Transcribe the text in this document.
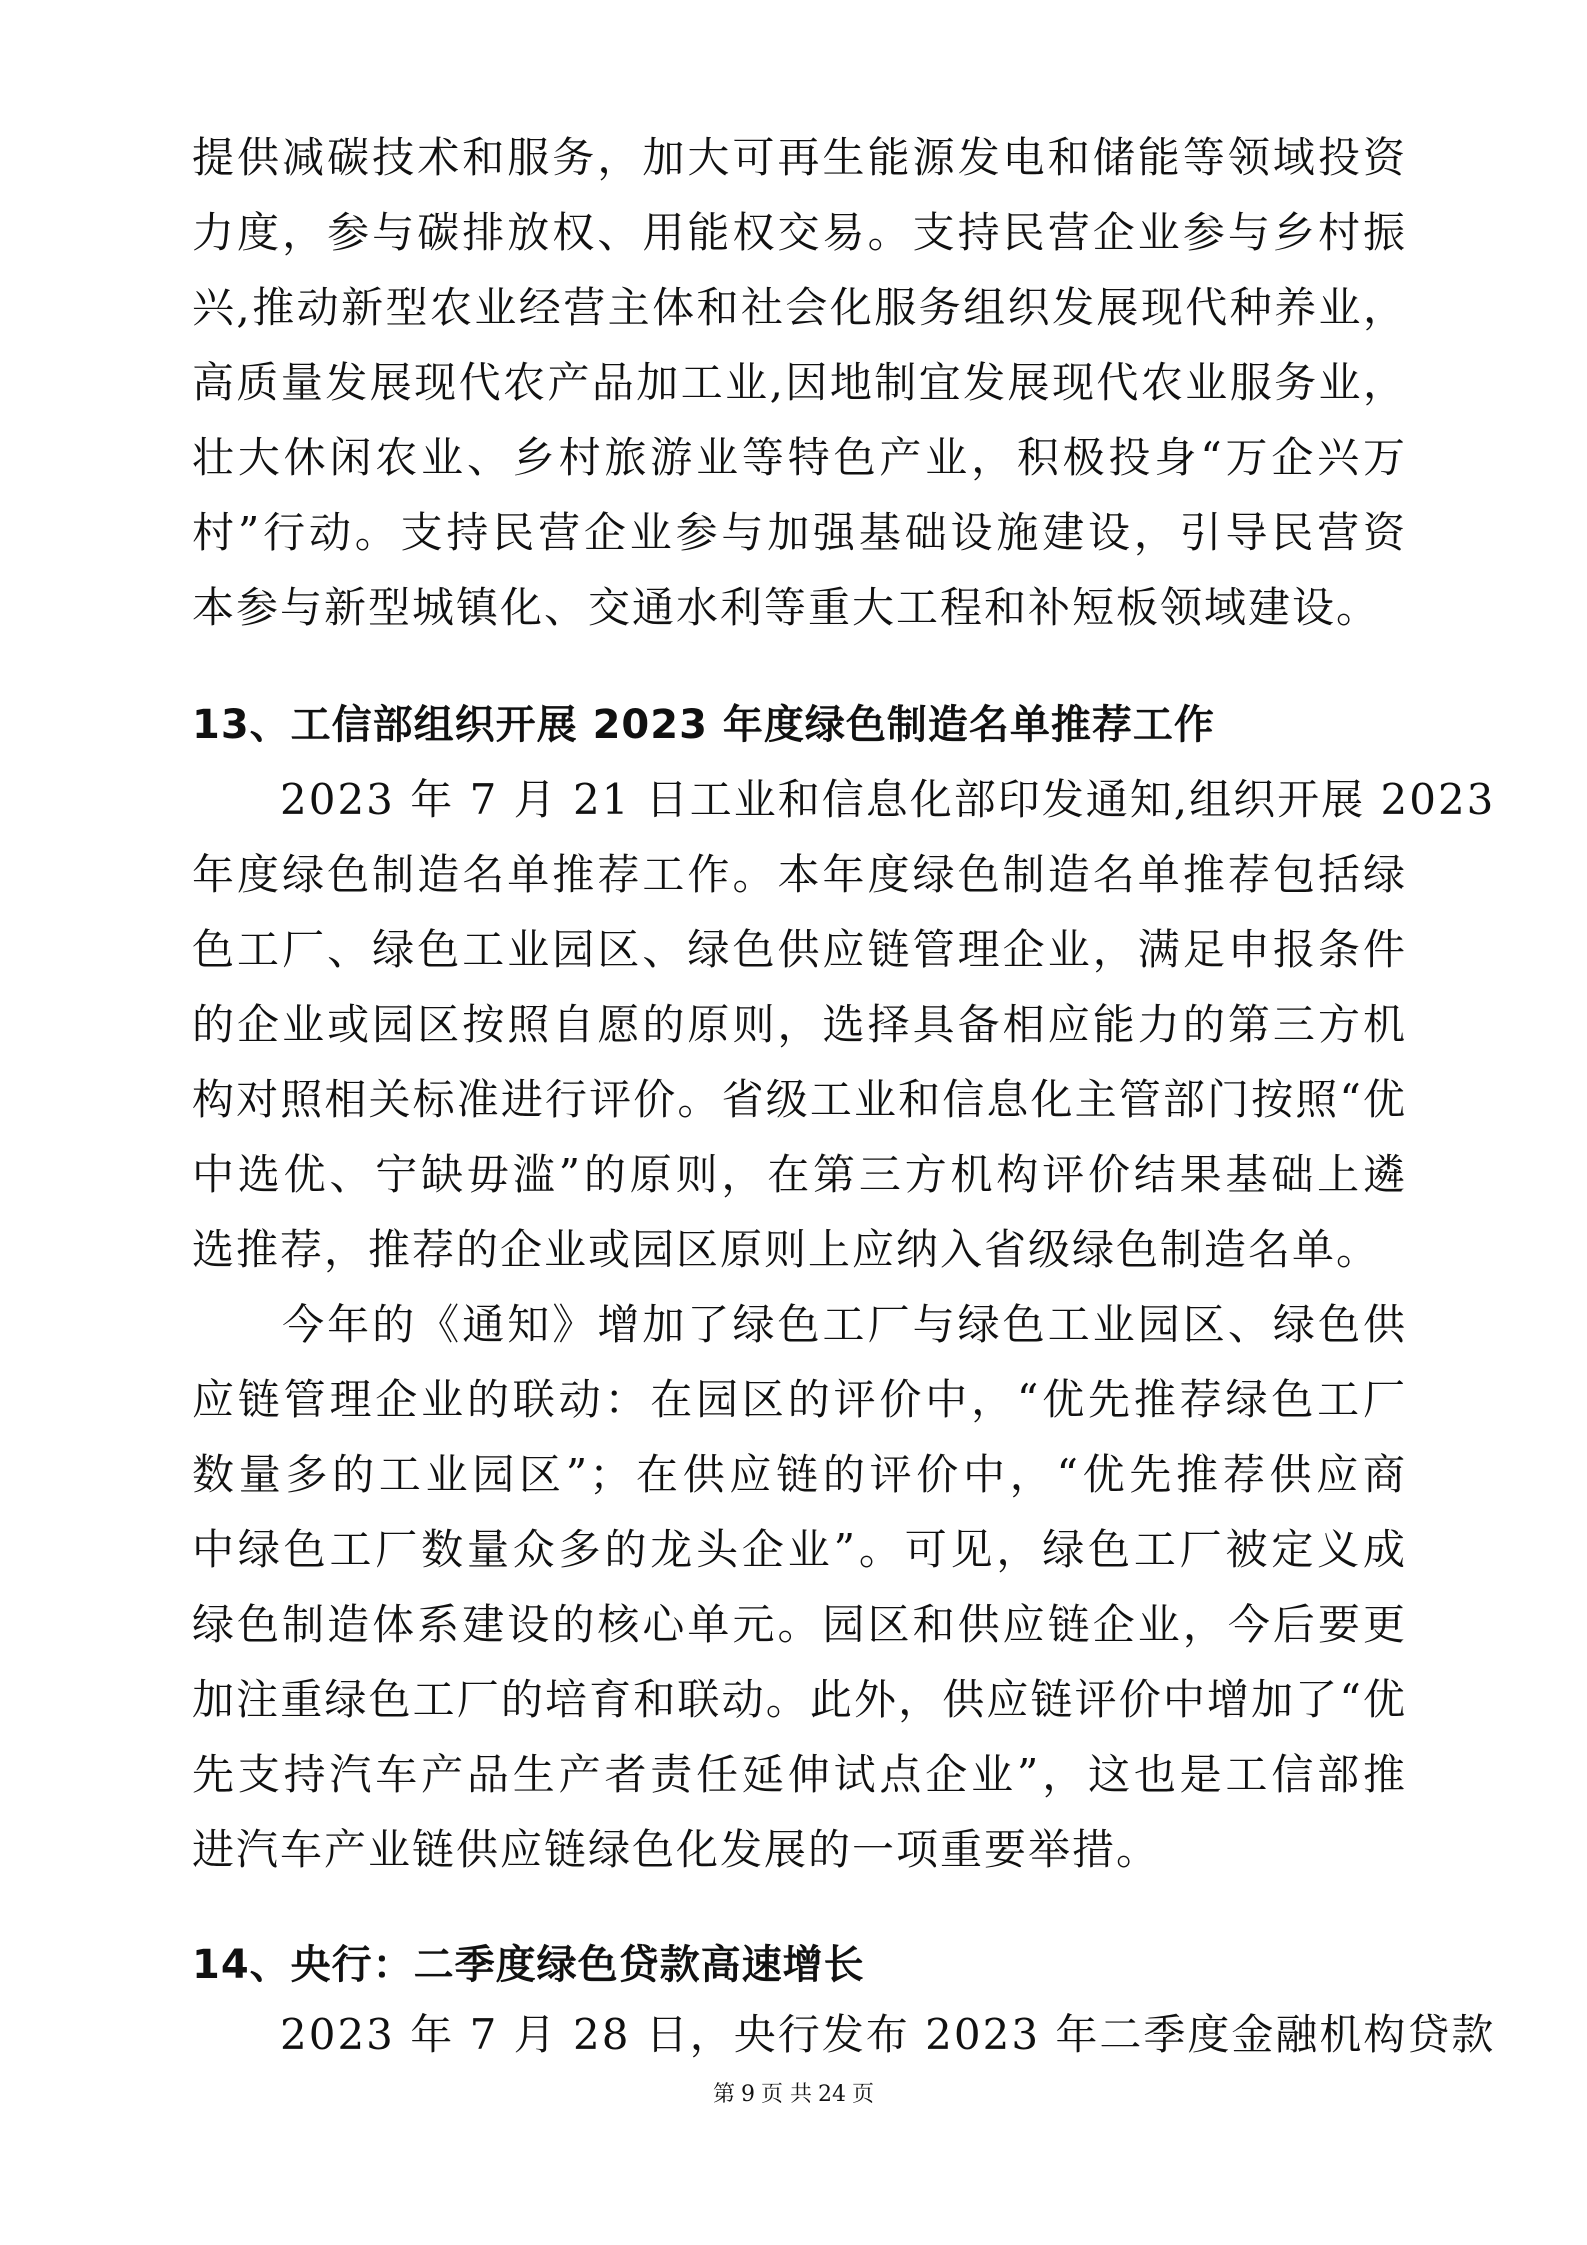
提供减碳技术和服务，加大可再生能源发电和储能等领域投资
力度，参与碳排放权、用能权交易。支持民营企业参与乡村振
兴,推动新型农业经营主体和社会化服务组织发展现代种养业，
高质量发展现代农产品加工业,因地制宜发展现代农业服务业，
壮大休闲农业、乡村旅游业等特色产业，积极投身“万企兴万
村”行动。支持民营企业参与加强基础设施建设，引导民营资
本参与新型城镇化、交通水利等重大工程和补短板领域建设。
13、工信部组织开展 2023 年度绿色制造名单推荐工作
　　2023 年 7 月 21 日工业和信息化部印发通知,组织开展 2023
年度绿色制造名单推荐工作。本年度绿色制造名单推荐包括绿
色工厂、绿色工业园区、绿色供应链管理企业，满足申报条件
的企业或园区按照自愿的原则，选择具备相应能力的第三方机
构对照相关标准进行评价。省级工业和信息化主管部门按照“优
中选优、宁缺毋滥”的原则，在第三方机构评价结果基础上遴
选推荐，推荐的企业或园区原则上应纳入省级绿色制造名单。
　　今年的《通知》增加了绿色工厂与绿色工业园区、绿色供
应链管理企业的联动：在园区的评价中，“优先推荐绿色工厂
数量多的工业园区”；在供应链的评价中，“优先推荐供应商
中绿色工厂数量众多的龙头企业”。可见，绿色工厂被定义成
绿色制造体系建设的核心单元。园区和供应链企业，今后要更
加注重绿色工厂的培育和联动。此外，供应链评价中增加了“优
先支持汽车产品生产者责任延伸试点企业”，这也是工信部推
进汽车产业链供应链绿色化发展的一项重要举措。
14、央行：二季度绿色贷款高速增长
　　2023 年 7 月 28 日，央行发布 2023 年二季度金融机构贷款
第 9 页 共 24 页
